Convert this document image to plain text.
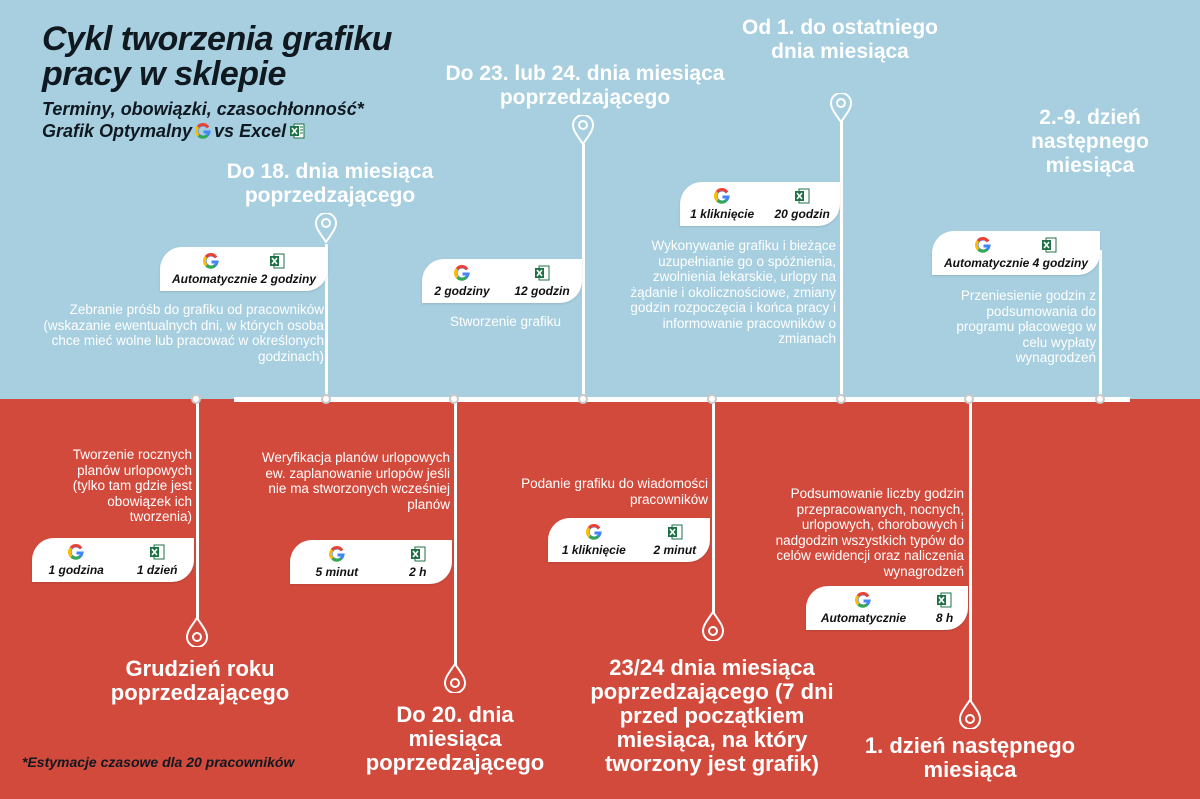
Cykl tworzenia grafiku pracy w sklepie
Terminy, obowiązki, czasochłonność*
Grafik Optymalny vs Excel
Do 18. dnia miesiąca poprzedzającego
Automatycznie 2 godziny
Zebranie próśb do grafiku od pracowników (wskazanie ewentualnych dni, w których osoba chce mieć wolne lub pracować w określonych godzinach)
Do 23. lub 24. dnia miesiąca poprzedzającego
2 godziny 12 godzin
Stworzenie grafiku
Od 1. do ostatniego dnia miesiąca
1 kliknięcie 20 godzin
Wykonywanie grafiku i bieżące uzupełnianie go o spóźnienia, zwolnienia lekarskie, urlopy na żądanie i okolicznościowe, zmiany godzin rozpoczęcia i końca pracy i informowanie pracowników o zmianach
2.-9. dzień następnego miesiąca
Automatycznie 4 godziny
Przeniesienie godzin z podsumowania do programu płacowego w celu wypłaty wynagrodzeń
Tworzenie rocznych planów urlopowych (tylko tam gdzie jest obowiązek ich tworzenia)
1 godzina	1 dzień
Grudzień roku poprzedzającego
Weryfikacja planów urlopowych ew. zaplanowanie urlopów jeśli nie ma stworzonych wcześniej planów
5 minut	2 h
Do 20. dnia miesiąca poprzedzającego
Podanie grafiku do wiadomości pracowników
1 kliknięcie 2 minut
23/24 dnia miesiąca poprzedzającego (7 dni przed początkiem miesiąca, na który tworzony jest grafik)
Podsumowanie liczby godzin przepracowanych, nocnych, urlopowych, chorobowych i nadgodzin wszystkich typów do celów ewidencji oraz naliczenia wynagrodzeń
Automatycznie 8 h
1. dzień następnego miesiąca
*Estymacje czasowe dla 20 pracowników
